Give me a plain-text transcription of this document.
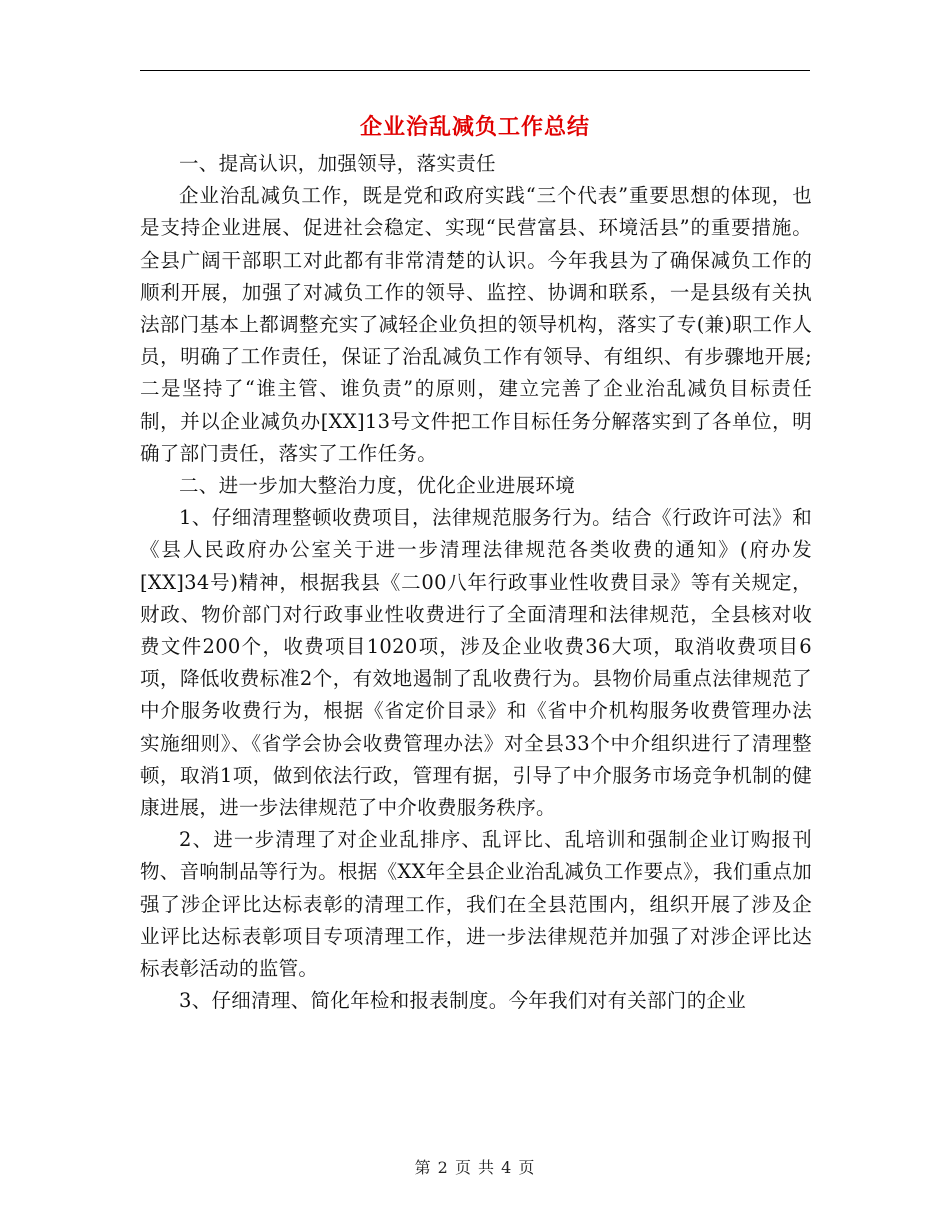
企业治乱减负工作总结

一、提高认识，加强领导，落实责任

企业治乱减负工作，既是党和政府实践“三个代表”重要思想的体现，也是支持企业进展、促进社会稳定、实现“民营富县、环境活县”的重要措施。全县广阔干部职工对此都有非常清楚的认识。今年我县为了确保减负工作的顺利开展，加强了对减负工作的领导、监控、协调和联系，一是县级有关执法部门基本上都调整充实了减轻企业负担的领导机构，落实了专(兼)职工作人员，明确了工作责任，保证了治乱减负工作有领导、有组织、有步骤地开展;二是坚持了“谁主管、谁负责”的原则，建立完善了企业治乱减负目标责任制，并以企业减负办[XX]13号文件把工作目标任务分解落实到了各单位，明确了部门责任，落实了工作任务。

二、进一步加大整治力度，优化企业进展环境

1、仔细清理整顿收费项目，法律规范服务行为。结合《行政许可法》和《县人民政府办公室关于进一步清理法律规范各类收费的通知》(府办发[XX]34号)精神，根据我县《二00八年行政事业性收费目录》等有关规定，财政、物价部门对行政事业性收费进行了全面清理和法律规范，全县核对收费文件200个，收费项目1020项，涉及企业收费36大项，取消收费项目6项，降低收费标准2个，有效地遏制了乱收费行为。县物价局重点法律规范了中介服务收费行为，根据《省定价目录》和《省中介机构服务收费管理办法实施细则》、《省学会协会收费管理办法》对全县33个中介组织进行了清理整顿，取消1项，做到依法行政，管理有据，引导了中介服务市场竞争机制的健康进展，进一步法律规范了中介收费服务秩序。

2、进一步清理了对企业乱排序、乱评比、乱培训和强制企业订购报刊物、音响制品等行为。根据《XX年全县企业治乱减负工作要点》，我们重点加强了涉企评比达标表彰的清理工作，我们在全县范围内，组织开展了涉及企业评比达标表彰项目专项清理工作，进一步法律规范并加强了对涉企评比达标表彰活动的监管。

3、仔细清理、简化年检和报表制度。今年我们对有关部门的企业

第 2 页 共 4 页
